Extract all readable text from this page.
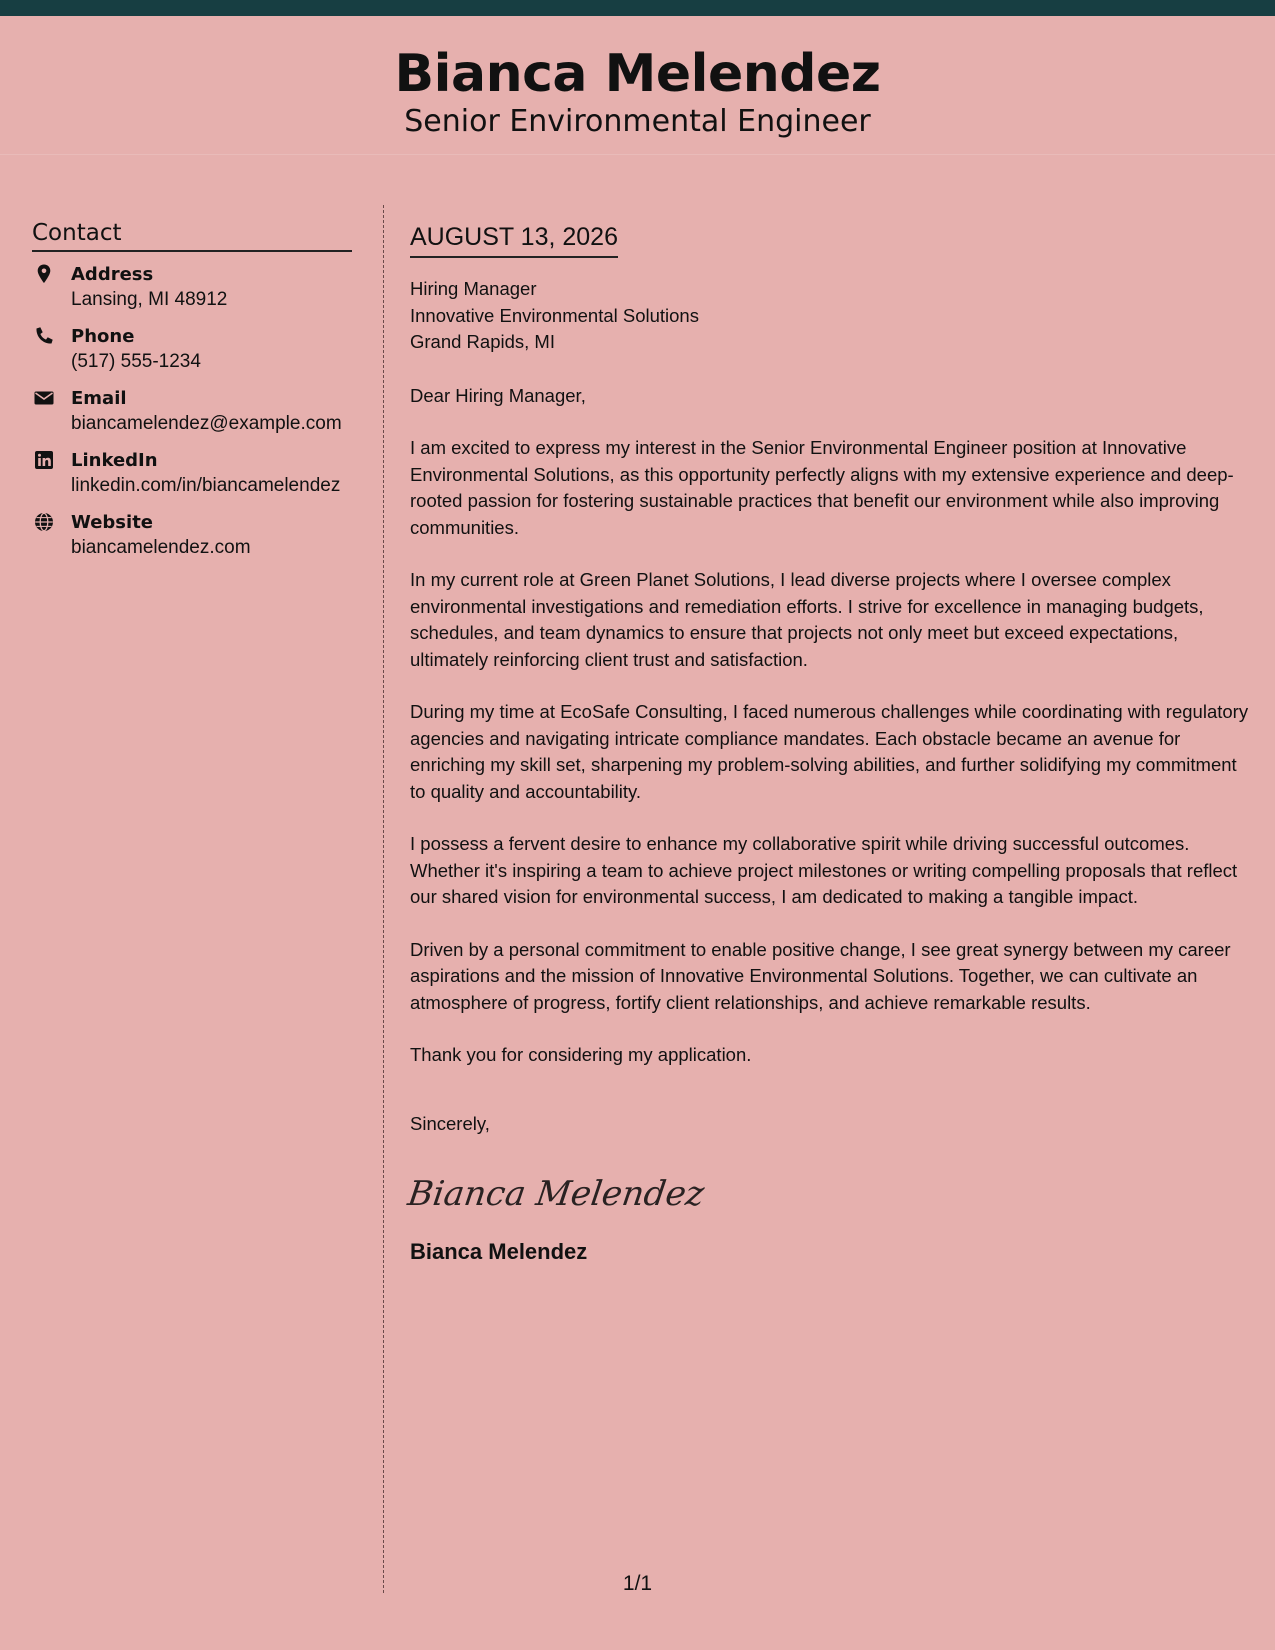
Bianca Melendez
Senior Environmental Engineer
Contact
Address
Lansing, MI 48912
Phone
(517) 555-1234
Email
biancamelendez@example.com
LinkedIn
linkedin.com/in/biancamelendez
Website
biancamelendez.com
AUGUST 13, 2026
Hiring Manager
Innovative Environmental Solutions
Grand Rapids, MI
Dear Hiring Manager,
I am excited to express my interest in the Senior Environmental Engineer position at Innovative Environmental Solutions, as this opportunity perfectly aligns with my extensive experience and deep-rooted passion for fostering sustainable practices that benefit our environment while also improving communities.
In my current role at Green Planet Solutions, I lead diverse projects where I oversee complex environmental investigations and remediation efforts. I strive for excellence in managing budgets, schedules, and team dynamics to ensure that projects not only meet but exceed expectations, ultimately reinforcing client trust and satisfaction.
During my time at EcoSafe Consulting, I faced numerous challenges while coordinating with regulatory agencies and navigating intricate compliance mandates. Each obstacle became an avenue for enriching my skill set, sharpening my problem-solving abilities, and further solidifying my commitment to quality and accountability.
I possess a fervent desire to enhance my collaborative spirit while driving successful outcomes. Whether it's inspiring a team to achieve project milestones or writing compelling proposals that reflect our shared vision for environmental success, I am dedicated to making a tangible impact.
Driven by a personal commitment to enable positive change, I see great synergy between my career aspirations and the mission of Innovative Environmental Solutions. Together, we can cultivate an atmosphere of progress, fortify client relationships, and achieve remarkable results.
Thank you for considering my application.
Sincerely,
Bianca Melendez
Bianca Melendez
1/1
